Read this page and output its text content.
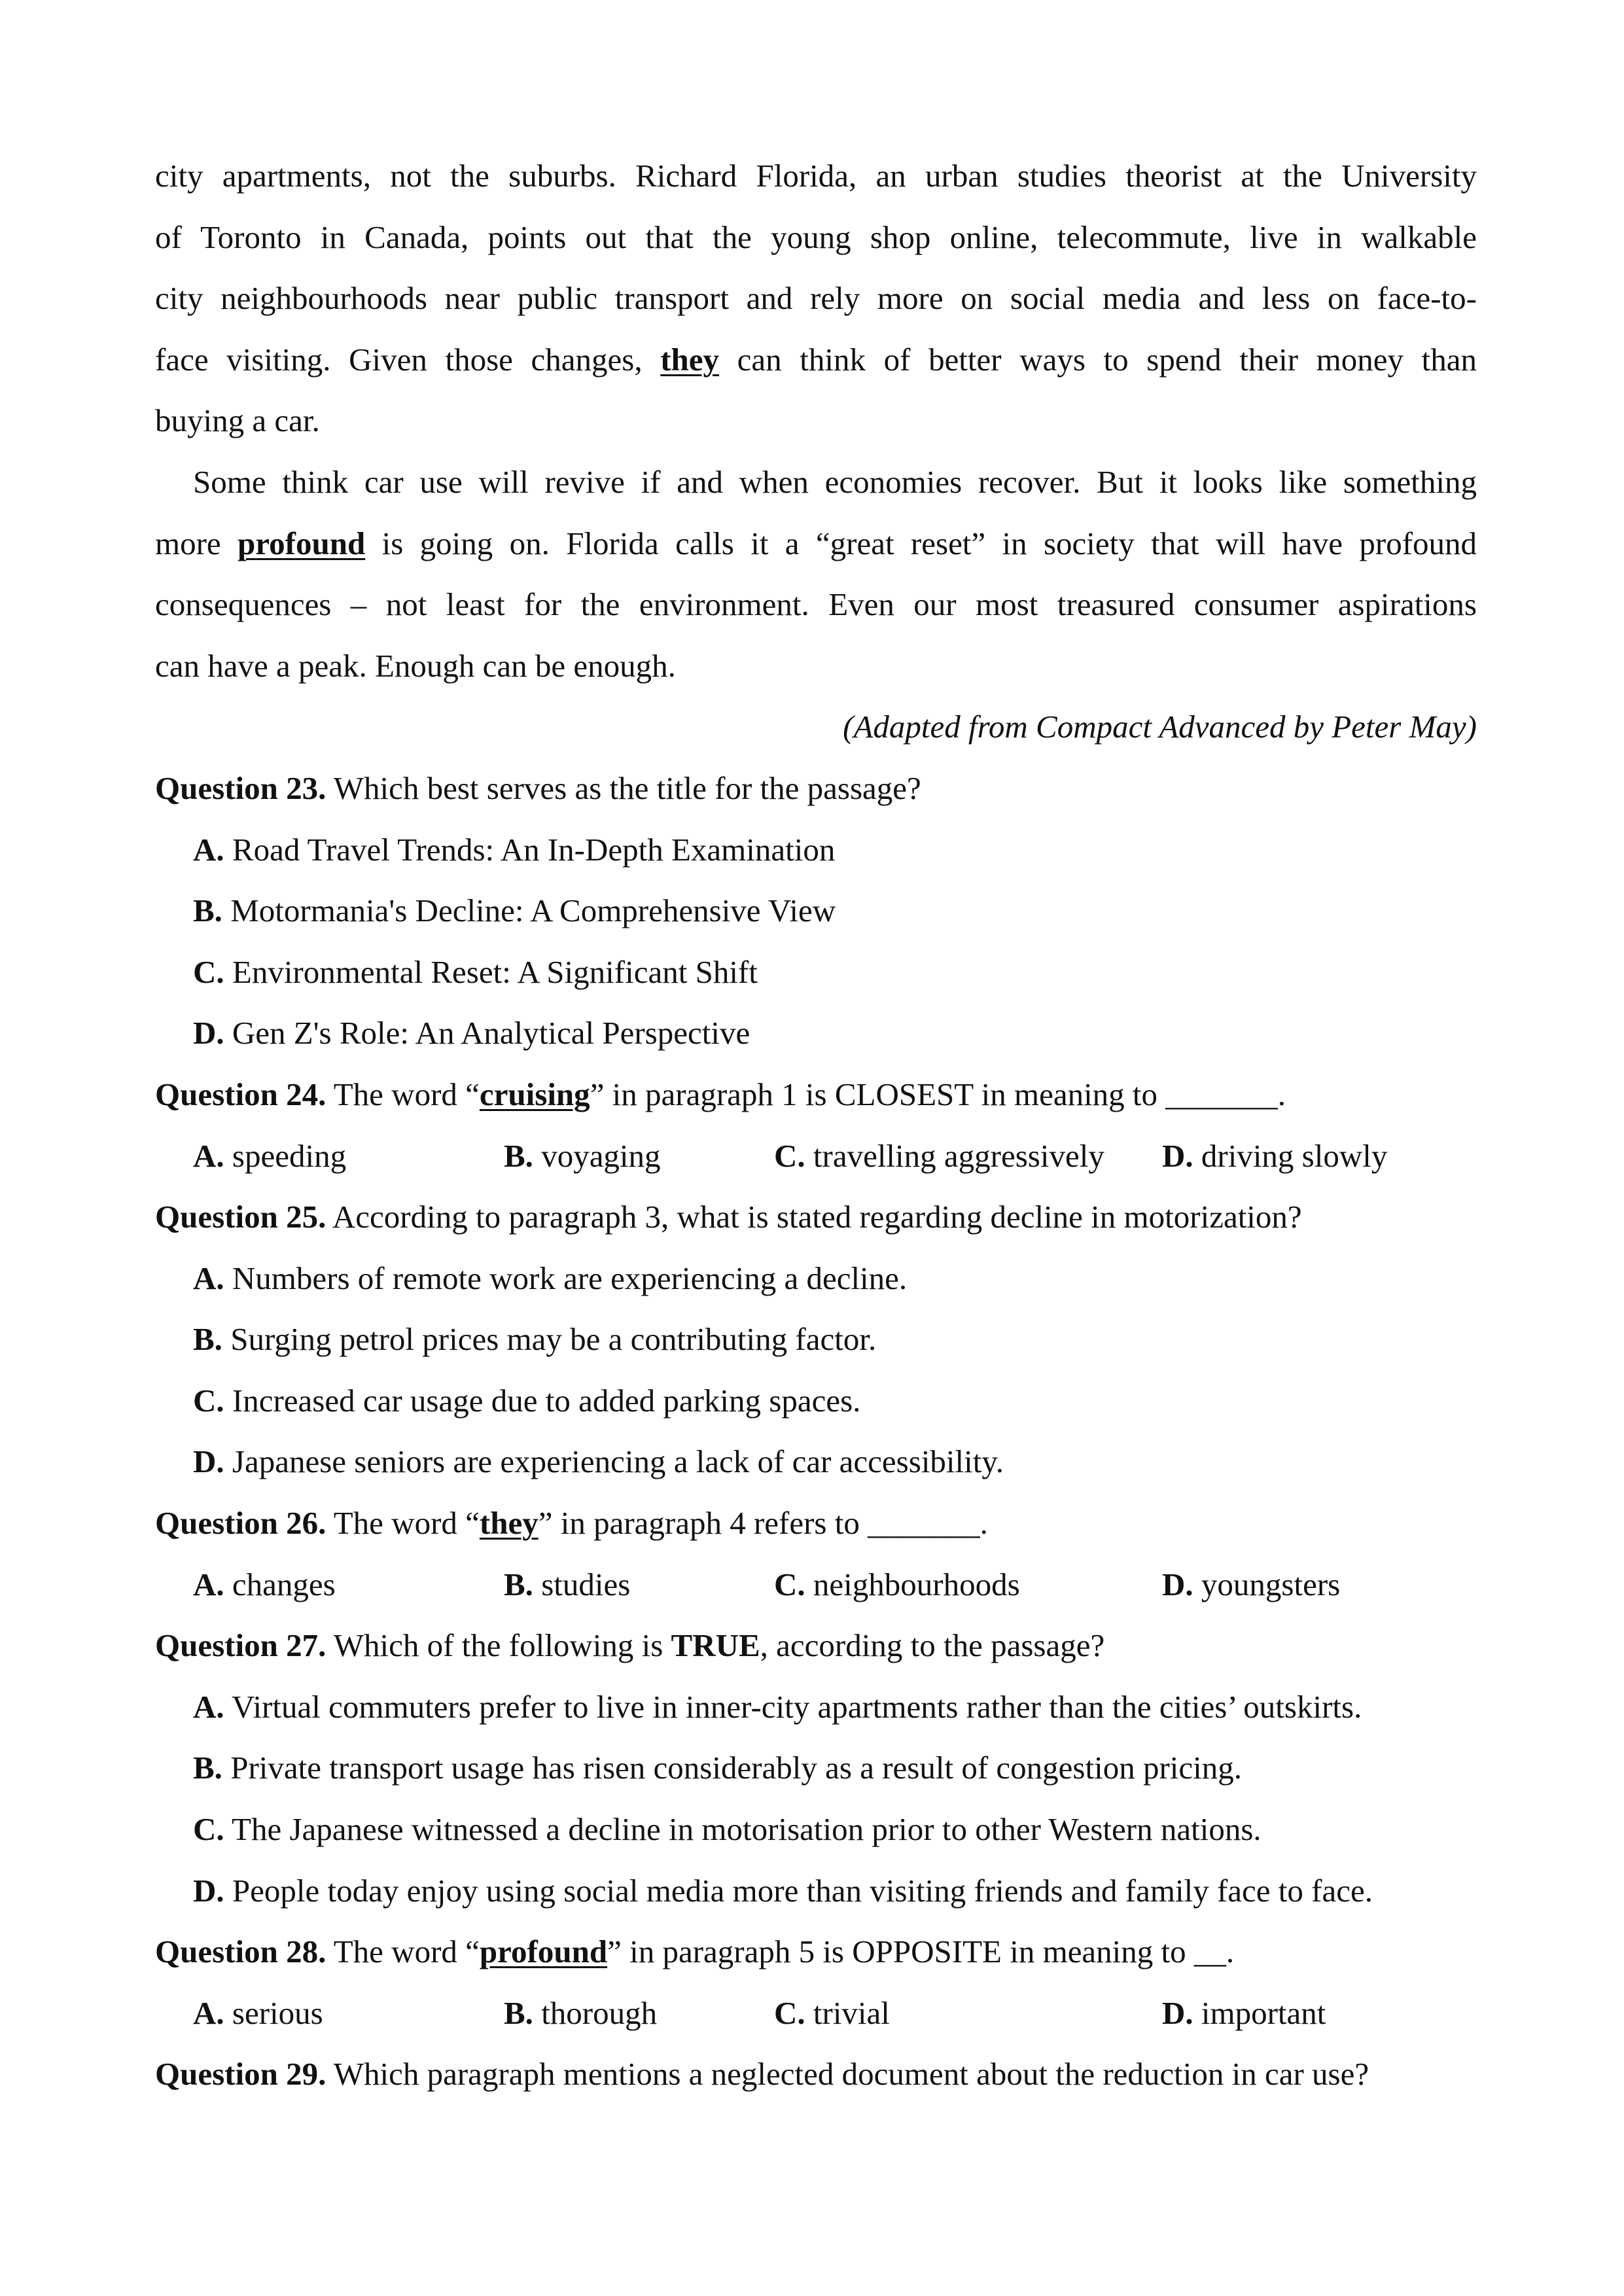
city apartments, not the suburbs. Richard Florida, an urban studies theorist at the University
of Toronto in Canada, points out that the young shop online, telecommute, live in walkable
city neighbourhoods near public transport and rely more on social media and less on face-to-
face visiting. Given those changes, they can think of better ways to spend their money than
buying a car.
Some think car use will revive if and when economies recover. But it looks like something
more profound is going on. Florida calls it a “great reset” in society that will have profound
consequences – not least for the environment. Even our most treasured consumer aspirations
can have a peak. Enough can be enough.
(Adapted from Compact Advanced by Peter May)
Question 23. Which best serves as the title for the passage?
A. Road Travel Trends: An In-Depth Examination
B. Motormania's Decline: A Comprehensive View
C. Environmental Reset: A Significant Shift
D. Gen Z's Role: An Analytical Perspective
Question 24. The word “cruising” in paragraph 1 is CLOSEST in meaning to _______.
A. speeding	B. voyaging	C. travelling aggressively	D. driving slowly
Question 25. According to paragraph 3, what is stated regarding decline in motorization?
A. Numbers of remote work are experiencing a decline.
B. Surging petrol prices may be a contributing factor.
C. Increased car usage due to added parking spaces.
D. Japanese seniors are experiencing a lack of car accessibility.
Question 26. The word “they” in paragraph 4 refers to _______.
A. changes	B. studies	C. neighbourhoods	D. youngsters
Question 27. Which of the following is TRUE, according to the passage?
A. Virtual commuters prefer to live in inner-city apartments rather than the cities’ outskirts.
B. Private transport usage has risen considerably as a result of congestion pricing.
C. The Japanese witnessed a decline in motorisation prior to other Western nations.
D. People today enjoy using social media more than visiting friends and family face to face.
Question 28. The word “profound” in paragraph 5 is OPPOSITE in meaning to __.
A. serious	B. thorough	C. trivial	D. important
Question 29. Which paragraph mentions a neglected document about the reduction in car use?
